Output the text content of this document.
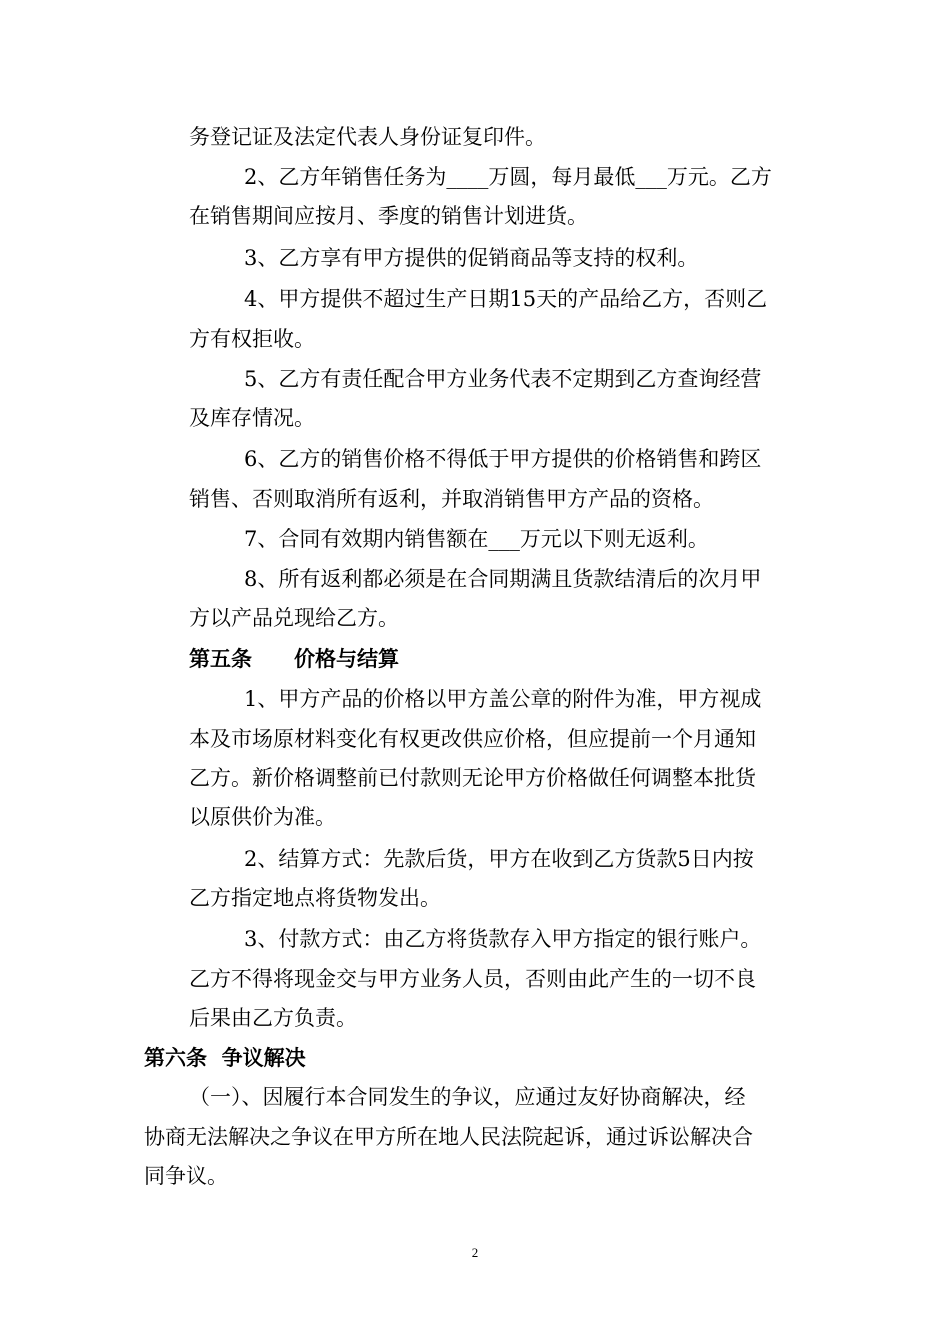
务登记证及法定代表人身份证复印件。
2、乙方年销售任务为____万圆，每月最低___万元。乙方
在销售期间应按月、季度的销售计划进货。
3、乙方享有甲方提供的促销商品等支持的权利。
4、甲方提供不超过生产日期15天的产品给乙方，否则乙
方有权拒收。
5、乙方有责任配合甲方业务代表不定期到乙方查询经营
及库存情况。
6、乙方的销售价格不得低于甲方提供的价格销售和跨区
销售、否则取消所有返利，并取消销售甲方产品的资格。
7、合同有效期内销售额在___万元以下则无返利。
8、所有返利都必须是在合同期满且货款结清后的次月甲
方以产品兑现给乙方。
第五条　　价格与结算
1、甲方产品的价格以甲方盖公章的附件为准，甲方视成
本及市场原材料变化有权更改供应价格，但应提前一个月通知
乙方。新价格调整前已付款则无论甲方价格做任何调整本批货
以原供价为准。
2、结算方式：先款后货，甲方在收到乙方货款5日内按
乙方指定地点将货物发出。
3、付款方式：由乙方将货款存入甲方指定的银行账户。
乙方不得将现金交与甲方业务人员，否则由此产生的一切不良
后果由乙方负责。
第六条  争议解决
（一）、因履行本合同发生的争议，应通过友好协商解决，经
协商无法解决之争议在甲方所在地人民法院起诉，通过诉讼解决合
同争议。
2
